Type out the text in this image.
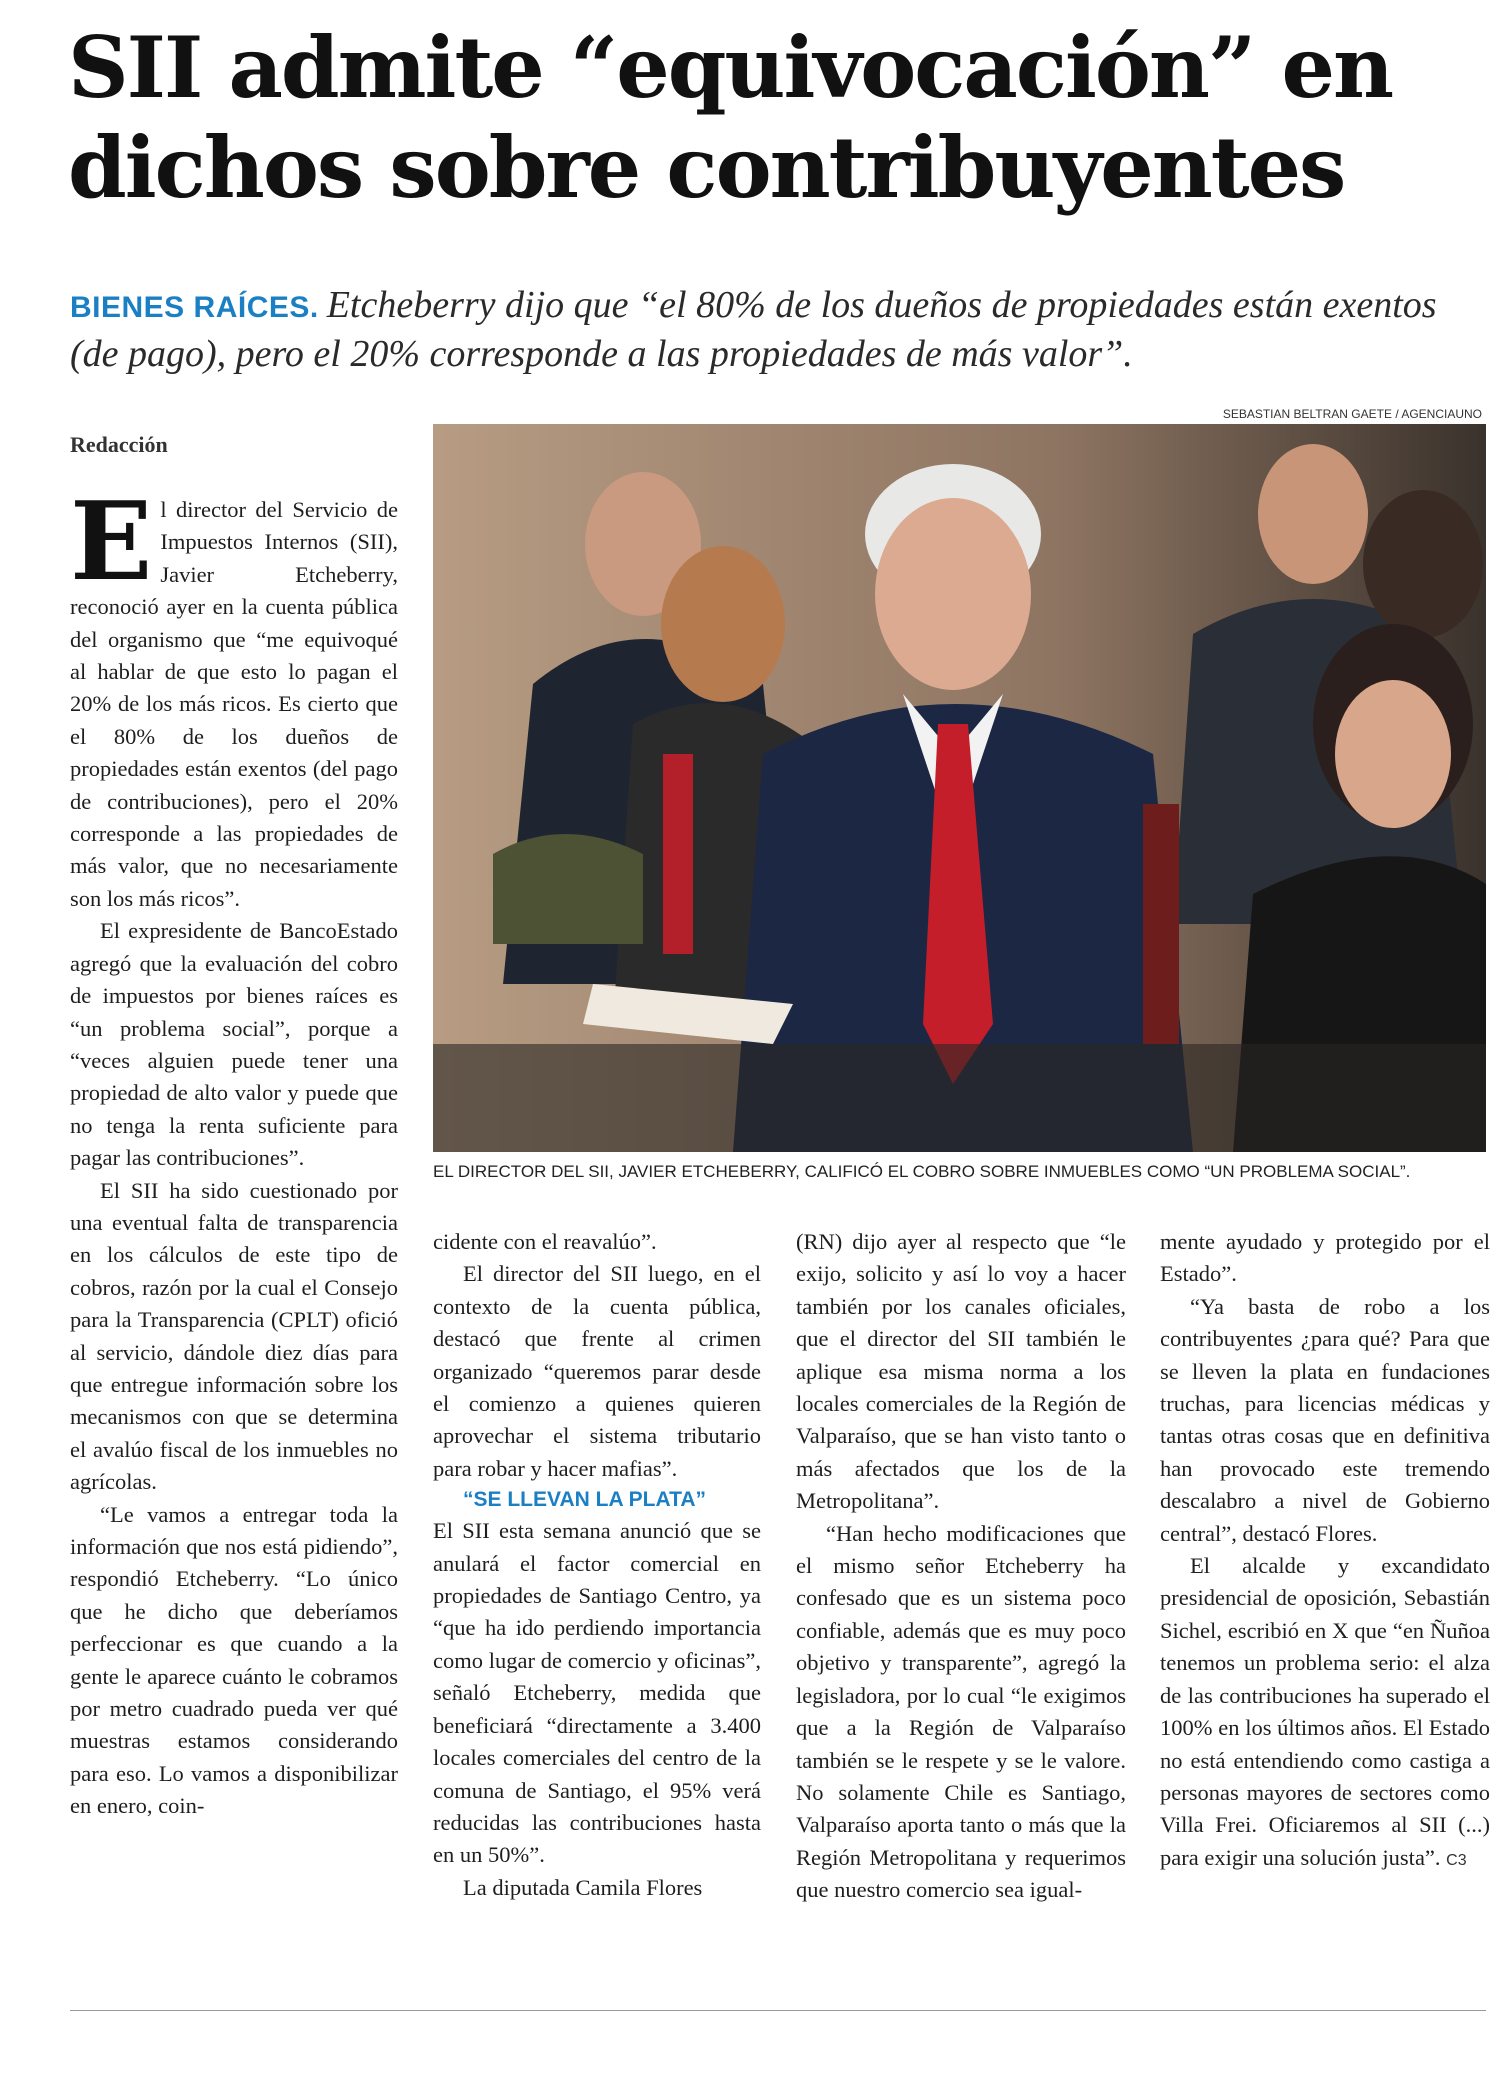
SII admite “equivocación” en dichos sobre contribuyentes
BIENES RAÍCES. Etcheberry dijo que “el 80% de los dueños de propiedades están exentos (de pago), pero el 20% corresponde a las propiedades de más valor”.
SEBASTIAN BELTRAN GAETE / AGENCIAUNO
EL DIRECTOR DEL SII, JAVIER ETCHEBERRY, CALIFICÓ EL COBRO SOBRE INMUEBLES COMO “UN PROBLEMA SOCIAL”.
Redacción

El director del Servicio de Impuestos Internos (SII), Javier Etcheberry, reconoció ayer en la cuenta pública del organismo que “me equivoqué al hablar de que esto lo pagan el 20% de los más ricos. Es cierto que el 80% de los dueños de propiedades están exentos (del pago de contribuciones), pero el 20% corresponde a las propiedades de más valor, que no necesariamente son los más ricos”.

El expresidente de BancoEstado agregó que la evaluación del cobro de impuestos por bienes raíces es “un problema social”, porque a “veces alguien puede tener una propiedad de alto valor y puede que no tenga la renta suficiente para pagar las contribuciones”.

El SII ha sido cuestionado por una eventual falta de transparencia en los cálculos de este tipo de cobros, razón por la cual el Consejo para la Transparencia (CPLT) ofició al servicio, dándole diez días para que entregue información sobre los mecanismos con que se determina el avalúo fiscal de los inmuebles no agrícolas.

“Le vamos a entregar toda la información que nos está pidiendo”, respondió Etcheberry. “Lo único que he dicho que deberíamos perfeccionar es que cuando a la gente le aparece cuánto le cobramos por metro cuadrado pueda ver qué muestras estamos considerando para eso. Lo vamos a disponibilizar en enero, coin-

cidente con el reavalúo”.

El director del SII luego, en el contexto de la cuenta pública, destacó que frente al crimen organizado “queremos parar desde el comienzo a quienes quieren aprovechar el sistema tributario para robar y hacer mafias”.

“SE LLEVAN LA PLATA”

El SII esta semana anunció que se anulará el factor comercial en propiedades de Santiago Centro, ya “que ha ido perdiendo importancia como lugar de comercio y oficinas”, señaló Etcheberry, medida que beneficiará “directamente a 3.400 locales comerciales del centro de la comuna de Santiago, el 95% verá reducidas las contribuciones hasta en un 50%”.

La diputada Camila Flores

(RN) dijo ayer al respecto que “le exijo, solicito y así lo voy a hacer también por los canales oficiales, que el director del SII también le aplique esa misma norma a los locales comerciales de la Región de Valparaíso, que se han visto tanto o más afectados que los de la Metropolitana”.

“Han hecho modificaciones que el mismo señor Etcheberry ha confesado que es un sistema poco confiable, además que es muy poco objetivo y transparente”, agregó la legisladora, por lo cual “le exigimos que a la Región de Valparaíso también se le respete y se le valore. No solamente Chile es Santiago, Valparaíso aporta tanto o más que la Región Metropolitana y requerimos que nuestro comercio sea igual-

mente ayudado y protegido por el Estado”.

“Ya basta de robo a los contribuyentes ¿para qué? Para que se lleven la plata en fundaciones truchas, para licencias médicas y tantas otras cosas que en definitiva han provocado este tremendo descalabro a nivel de Gobierno central”, destacó Flores.

El alcalde y excandidato presidencial de oposición, Sebastián Sichel, escribió en X que “en Ñuñoa tenemos un problema serio: el alza de las contribuciones ha superado el 100% en los últimos años. El Estado no está entendiendo como castiga a personas mayores de sectores como Villa Frei. Oficiaremos al SII (...) para exigir una solución justa”. C3
